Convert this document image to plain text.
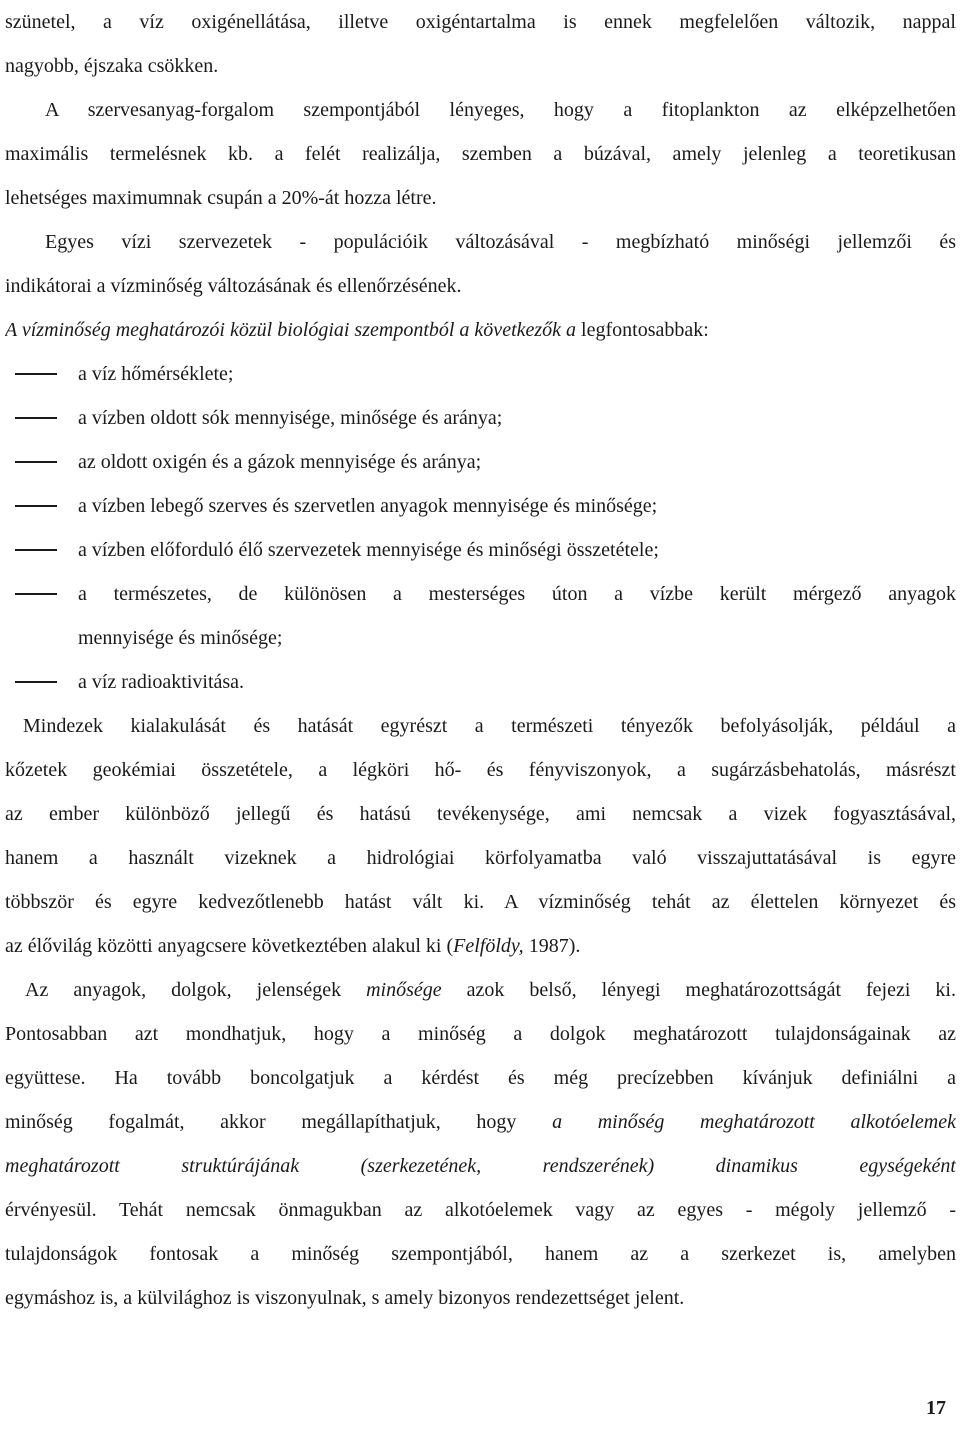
szünetel, a víz oxigénellátása, illetve oxigéntartalma is ennek megfelelően változik, nappal
nagyobb, éjszaka csökken.
A szervesanyag-forgalom szempontjából lényeges, hogy a fitoplankton az elképzelhetően
maximális termelésnek kb. a felét realizálja, szemben a búzával, amely jelenleg a teoretikusan
lehetséges maximumnak csupán a 20%-át hozza létre.
Egyes vízi szervezetek - populációik változásával - megbízható minőségi jellemzői és
indikátorai a vízminőség változásának és ellenőrzésének.
A vízminőség meghatározói közül biológiai szempontból a következők a legfontosabbak:
a víz hőmérséklete;
a vízben oldott sók mennyisége, minősége és aránya;
az oldott oxigén és a gázok mennyisége és aránya;
a vízben lebegő szerves és szervetlen anyagok mennyisége és minősége;
a vízben előforduló élő szervezetek mennyisége és minőségi összetétele;
a természetes, de különösen a mesterséges úton a vízbe került mérgező anyagok
mennyisége és minősége;
a víz radioaktivitása.
Mindezek kialakulását és hatását egyrészt a természeti tényezők befolyásolják, például a
kőzetek geokémiai összetétele, a légköri hő- és fényviszonyok, a sugárzásbehatolás, másrészt
az ember különböző jellegű és hatású tevékenysége, ami nemcsak a vizek fogyasztásával,
hanem a használt vizeknek a hidrológiai körfolyamatba való visszajuttatásával is egyre
többször és egyre kedvezőtlenebb hatást vált ki. A vízminőség tehát az élettelen környezet és
az élővilág közötti anyagcsere következtében alakul ki (Felföldy, 1987).
Az anyagok, dolgok, jelenségek minősége azok belső, lényegi meghatározottságát fejezi ki.
Pontosabban azt mondhatjuk, hogy a minőség a dolgok meghatározott tulajdonságainak az
együttese. Ha tovább boncolgatjuk a kérdést és még precízebben kívánjuk definiálni a
minőség fogalmát, akkor megállapíthatjuk, hogy a minőség meghatározott alkotóelemek
meghatározott struktúrájának (szerkezetének, rendszerének) dinamikus egységeként
érvényesül. Tehát nemcsak önmagukban az alkotóelemek vagy az egyes - mégoly jellemző -
tulajdonságok fontosak a minőség szempontjából, hanem az a szerkezet is, amelyben
egymáshoz is, a külvilághoz is viszonyulnak, s amely bizonyos rendezettséget jelent.
17
